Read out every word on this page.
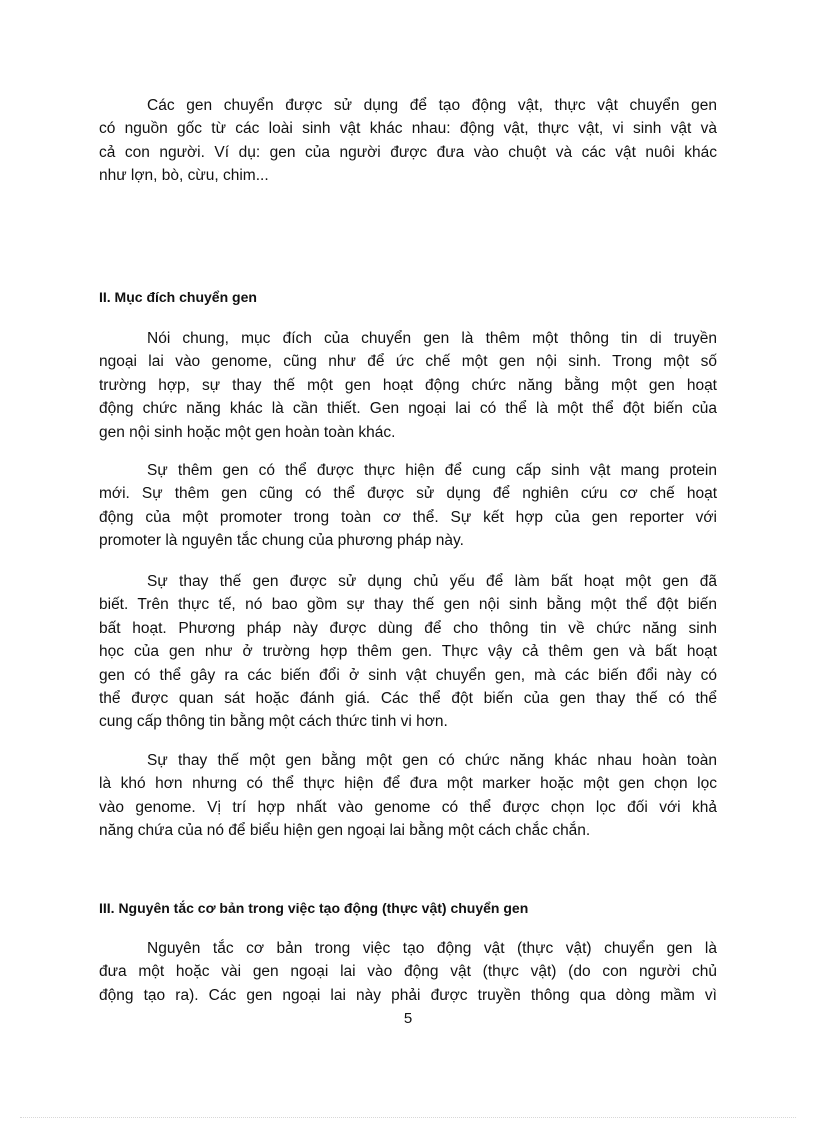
Các gen chuyển được sử dụng để tạo động vật, thực vật chuyển gen
có nguồn gốc từ các loài sinh vật khác nhau: động vật, thực vật, vi sinh vật và
cả con người. Ví dụ: gen của người được đưa vào chuột và các vật nuôi khác
như lợn, bò, cừu, chim...
II. Mục đích chuyển gen
Nói chung, mục đích của chuyển gen là thêm một thông tin di truyền
ngoại lai vào genome, cũng như để ức chế một gen nội sinh. Trong một số
trường hợp, sự thay thế một gen hoạt động chức năng bằng một gen hoạt
động chức năng khác là cần thiết. Gen ngoại lai có thể là một thể đột biến của
gen nội sinh hoặc một gen hoàn toàn khác.
Sự thêm gen có thể được thực hiện để cung cấp sinh vật mang protein
mới. Sự thêm gen cũng có thể được sử dụng để nghiên cứu cơ chế hoạt
động của một promoter trong toàn cơ thể. Sự kết hợp của gen reporter với
promoter là nguyên tắc chung của phương pháp này.
Sự thay thế gen được sử dụng chủ yếu để làm bất hoạt một gen đã
biết. Trên thực tế, nó bao gồm sự thay thế gen nội sinh bằng một thể đột biến
bất hoạt. Phương pháp này được dùng để cho thông tin về chức năng sinh
học của gen như ở trường hợp thêm gen. Thực vậy cả thêm gen và bất hoạt
gen có thể gây ra các biến đổi ở sinh vật chuyển gen, mà các biến đổi này có
thể được quan sát hoặc đánh giá. Các thể đột biến của gen thay thế có thể
cung cấp thông tin bằng một cách thức tinh vi hơn.
Sự thay thế một gen bằng một gen có chức năng khác nhau hoàn toàn
là khó hơn nhưng có thể thực hiện để đưa một marker hoặc một gen chọn lọc
vào genome. Vị trí hợp nhất vào genome có thể được chọn lọc đối với khả
năng chứa của nó để biểu hiện gen ngoại lai bằng một cách chắc chắn.
III. Nguyên tắc cơ bản trong việc tạo động (thực vật) chuyển gen
Nguyên tắc cơ bản trong việc tạo động vật (thực vật) chuyển gen là
đưa một hoặc vài gen ngoại lai vào động vật (thực vật) (do con người chủ
động tạo ra). Các gen ngoại lai này phải được truyền thông qua dòng mầm vì
5
